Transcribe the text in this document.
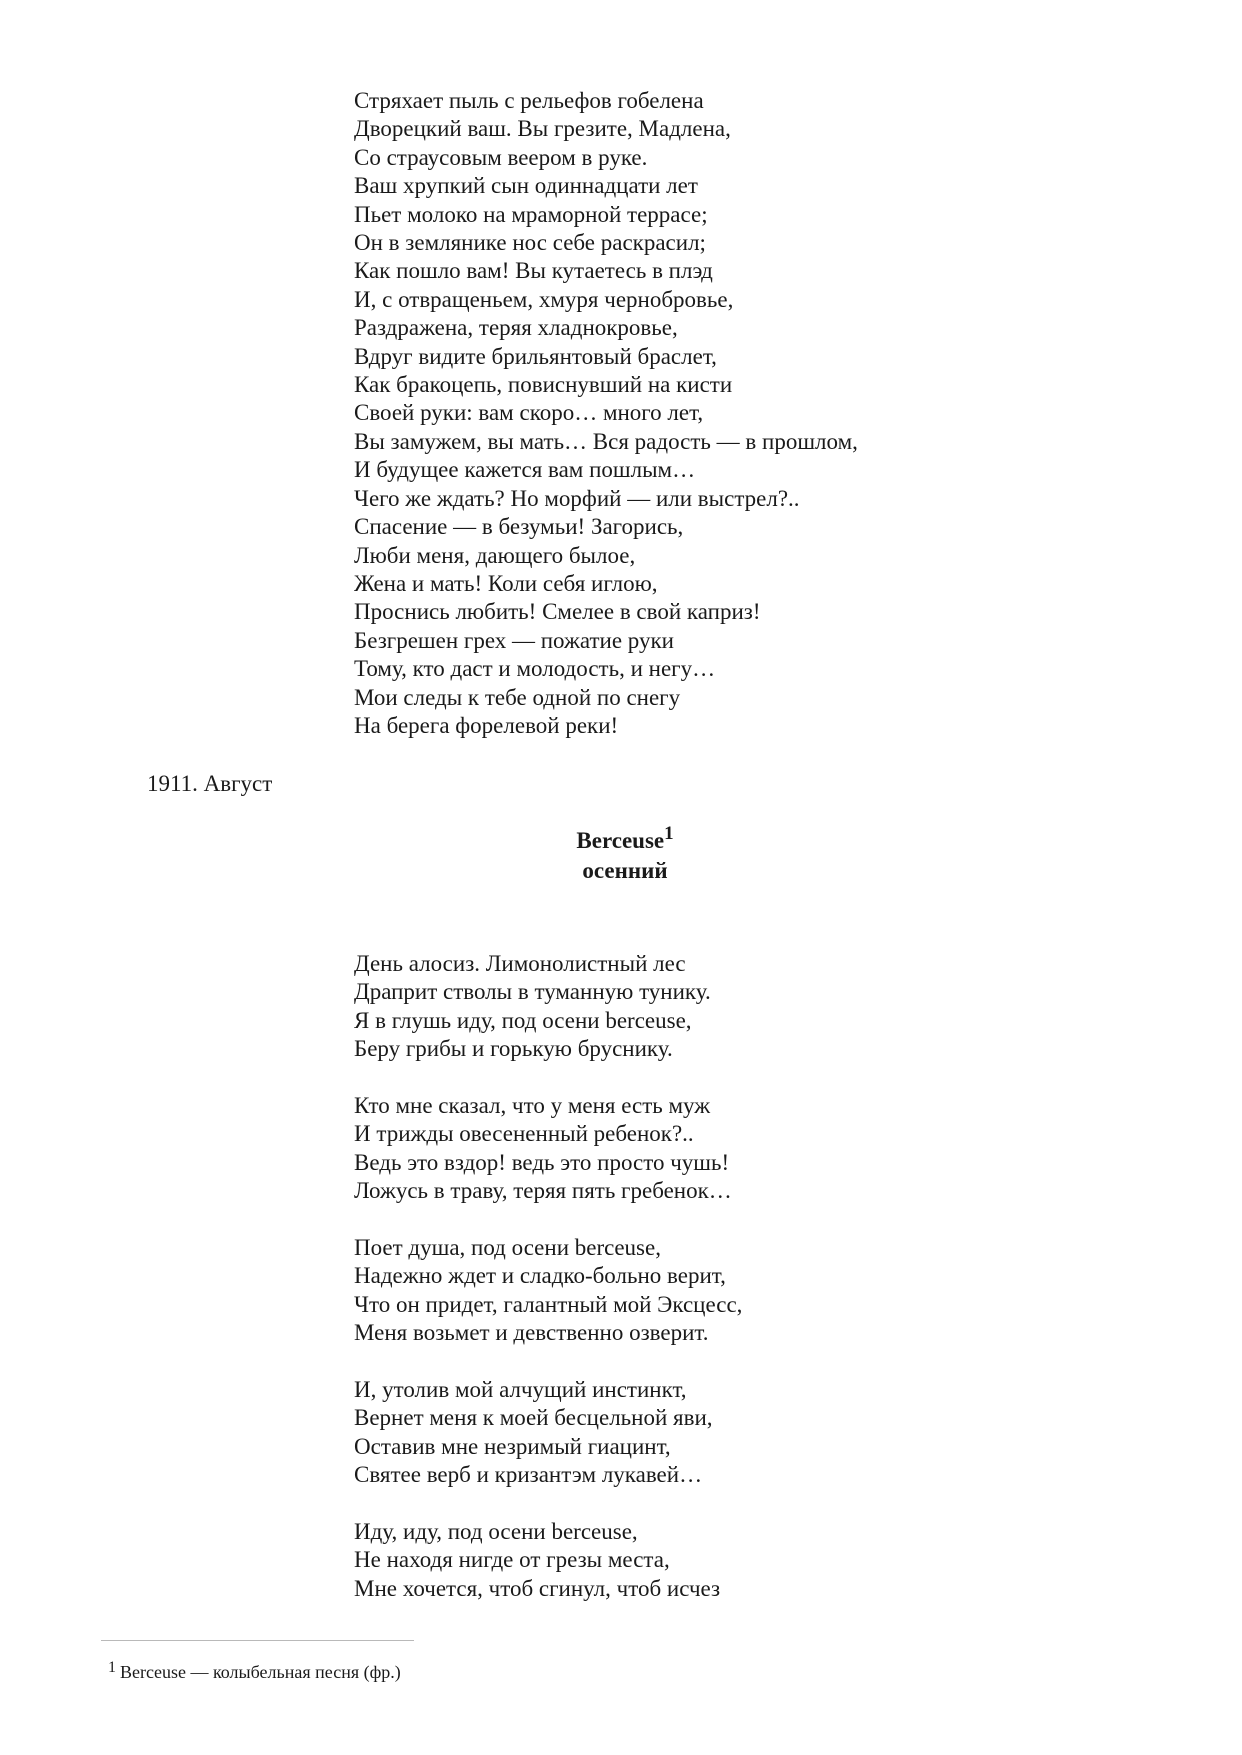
Стряхает пыль с рельефов гобелена
Дворецкий ваш. Вы грезите, Мадлена,
Со страусовым веером в руке.
Ваш хрупкий сын одиннадцати лет
Пьет молоко на мраморной террасе;
Он в землянике нос себе раскрасил;
Как пошло вам! Вы кутаетесь в плэд
И, с отвращеньем, хмуря чернобровье,
Раздражена, теряя хладнокровье,
Вдруг видите брильянтовый браслет,
Как бракоцепь, повиснувший на кисти
Своей руки: вам скоро… много лет,
Вы замужем, вы мать… Вся радость — в прошлом,
И будущее кажется вам пошлым…
Чего же ждать? Но морфий — или выстрел?..
Спасение — в безумьи! Загорись,
Люби меня, дающего былое,
Жена и мать! Коли себя иглою,
Проснись любить! Смелее в свой каприз!
Безгрешен грех — пожатие руки
Тому, кто даст и молодость, и негу…
Мои следы к тебе одной по снегу
На берега форелевой реки!
1911. Август
Berceuse$^1$
осенний
День алосиз. Лимонолистный лес
Драприт стволы в туманную тунику.
Я в глушь иду, под осени berceuse,
Беру грибы и горькую бруснику.
Кто мне сказал, что у меня есть муж
И трижды овесененный ребенок?..
Ведь это вздор! ведь это просто чушь!
Ложусь в траву, теряя пять гребенок…
Поет душа, под осени berceuse,
Надежно ждет и сладко-больно верит,
Что он придет, галантный мой Эксцесс,
Меня возьмет и девственно озверит.
И, утолив мой алчущий инстинкт,
Вернет меня к моей бесцельной яви,
Оставив мне незримый гиацинт,
Святее верб и кризантэм лукавей…
Иду, иду, под осени berceuse,
Не находя нигде от грезы места,
Мне хочется, чтоб сгинул, чтоб исчез
$^1$ Berceuse — колыбельная песня (фр.)
